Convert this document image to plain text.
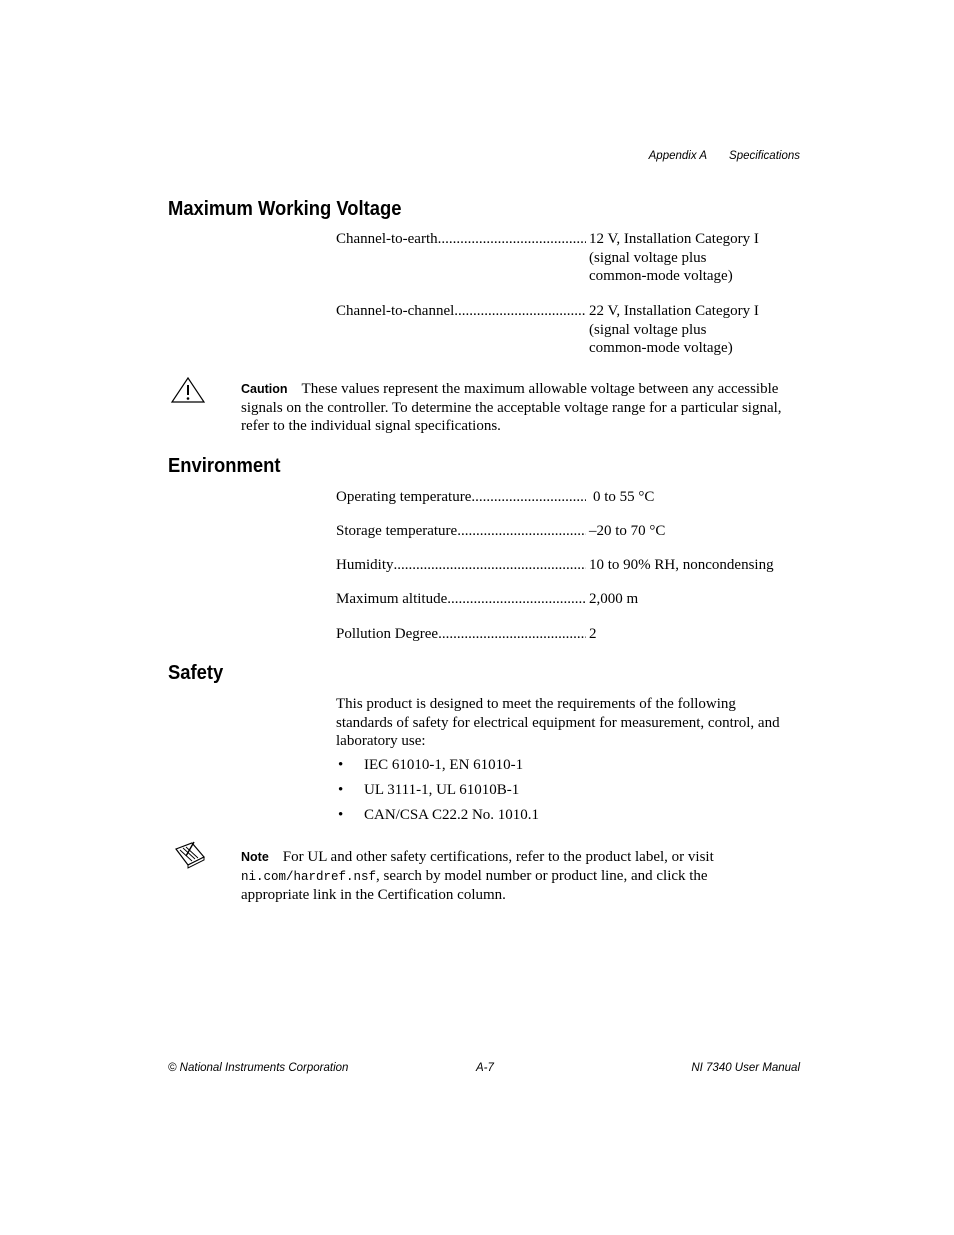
Appendix A Specifications
Maximum Working Voltage
Channel-to-earth .....	12 V, Installation Category I
(signal voltage plus
common-mode voltage)
Channel-to-channel .....	22 V, Installation Category I
(signal voltage plus
common-mode voltage)
Caution These values represent the maximum allowable voltage between any accessible signals on the controller. To determine the acceptable voltage range for a particular signal, refer to the individual signal specifications.
Environment
Operating temperature .....	0 to 55 °C
Storage temperature .....	–20 to 70 °C
Humidity .....	10 to 90% RH, noncondensing
Maximum altitude .....	2,000 m
Pollution Degree .....	2
Safety
This product is designed to meet the requirements of the following standards of safety for electrical equipment for measurement, control, and laboratory use:
• IEC 61010-1, EN 61010-1
• UL 3111-1, UL 61010B-1
• CAN/CSA C22.2 No. 1010.1
Note For UL and other safety certifications, refer to the product label, or visit
ni.com/hardref.nsf, search by model number or product line, and click the appropriate link in the Certification column.
© National Instruments Corporation	A-7	NI 7340 User Manual
